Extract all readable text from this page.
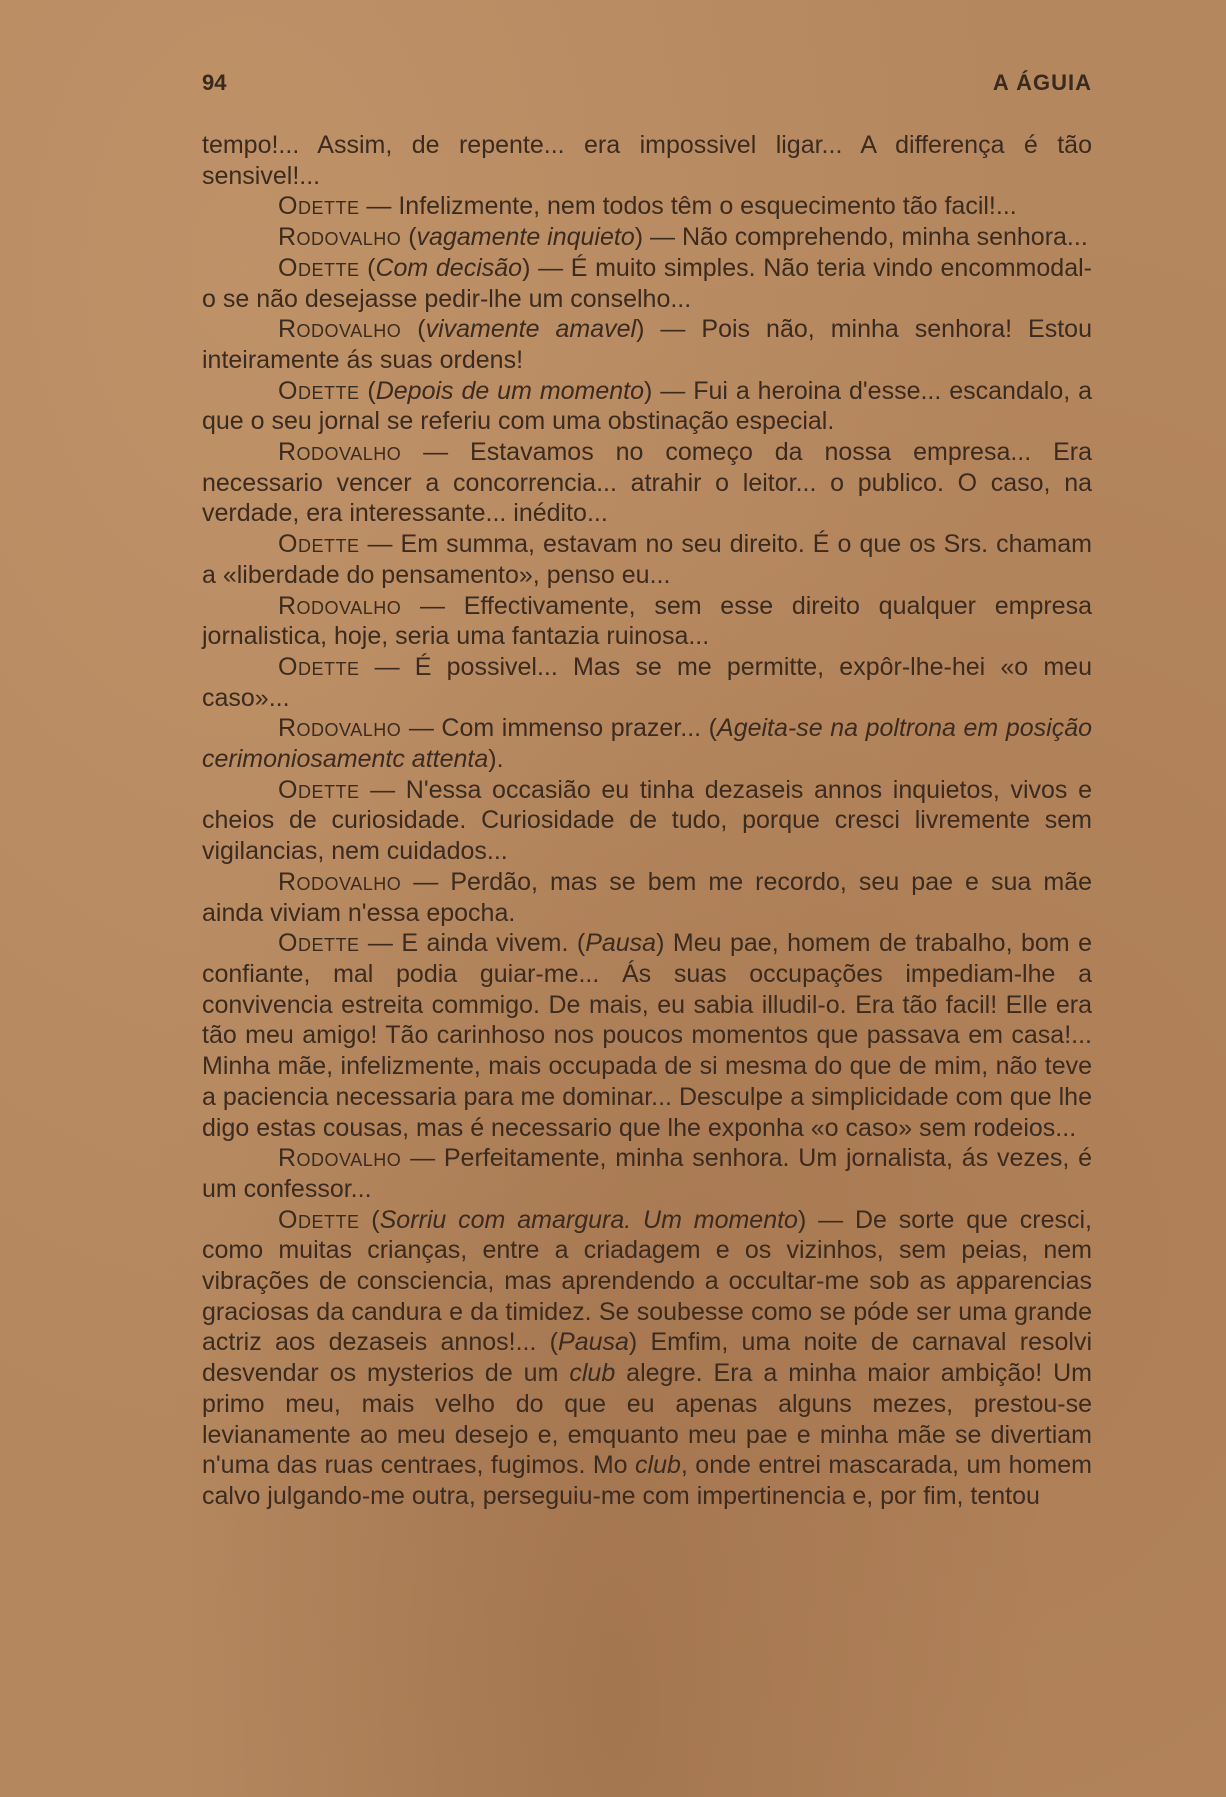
94	A ÁGUIA

tempo!... Assim, de repente... era impossivel ligar... A differença é tão sensivel!...

Odette — Infelizmente, nem todos têm o esquecimento tão facil!...

Rodovalho (vagamente inquieto) — Não comprehendo, minha senhora...

Odette (Com decisão) — É muito simples. Não teria vindo encommodal-o se não desejasse pedir-lhe um conselho...

Rodovalho (vivamente amavel) — Pois não, minha senhora! Estou inteiramente ás suas ordens!

Odette (Depois de um momento) — Fui a heroina d'esse... escandalo, a que o seu jornal se referiu com uma obstinação especial.

Rodovalho — Estavamos no começo da nossa empresa... Era necessario vencer a concorrencia... atrahir o leitor... o publico. O caso, na verdade, era interessante... inédito...

Odette — Em summa, estavam no seu direito. É o que os Srs. chamam a «liberdade do pensamento», penso eu...

Rodovalho — Effectivamente, sem esse direito qualquer empresa jornalistica, hoje, seria uma fantazia ruinosa...

Odette — É possivel... Mas se me permitte, expôr-lhe-hei «o meu caso»...

Rodovalho — Com immenso prazer... (Ageita-se na poltrona em posição cerimoniosamentc attenta).

Odette — N'essa occasião eu tinha dezaseis annos inquietos, vivos e cheios de curiosidade. Curiosidade de tudo, porque cresci livremente sem vigilancias, nem cuidados...

Rodovalho — Perdão, mas se bem me recordo, seu pae e sua mãe ainda viviam n'essa epocha.

Odette — E ainda vivem. (Pausa) Meu pae, homem de trabalho, bom e confiante, mal podia guiar-me... Ás suas occupações impediam-lhe a convivencia estreita commigo. De mais, eu sabia illudil-o. Era tão facil! Elle era tão meu amigo! Tão carinhoso nos poucos momentos que passava em casa!... Minha mãe, infelizmente, mais occupada de si mesma do que de mim, não teve a paciencia necessaria para me dominar... Desculpe a simplicidade com que lhe digo estas cousas, mas é necessario que lhe exponha «o caso» sem rodeios...

Rodovalho — Perfeitamente, minha senhora. Um jornalista, ás vezes, é um confessor...

Odette (Sorriu com amargura. Um momento) — De sorte que cresci, como muitas crianças, entre a criadagem e os vizinhos, sem peias, nem vibrações de consciencia, mas aprendendo a occultar-me sob as apparencias graciosas da candura e da timidez. Se soubesse como se póde ser uma grande actriz aos dezaseis annos!... (Pausa) Emfim, uma noite de carnaval resolvi desvendar os mysterios de um club alegre. Era a minha maior ambição! Um primo meu, mais velho do que eu apenas alguns mezes, prestou-se levianamente ao meu desejo e, emquanto meu pae e minha mãe se divertiam n'uma das ruas centraes, fugimos. Mo club, onde entrei mascarada, um homem calvo julgando-me outra, perseguiu-me com impertinencia e, por fim, tentou
